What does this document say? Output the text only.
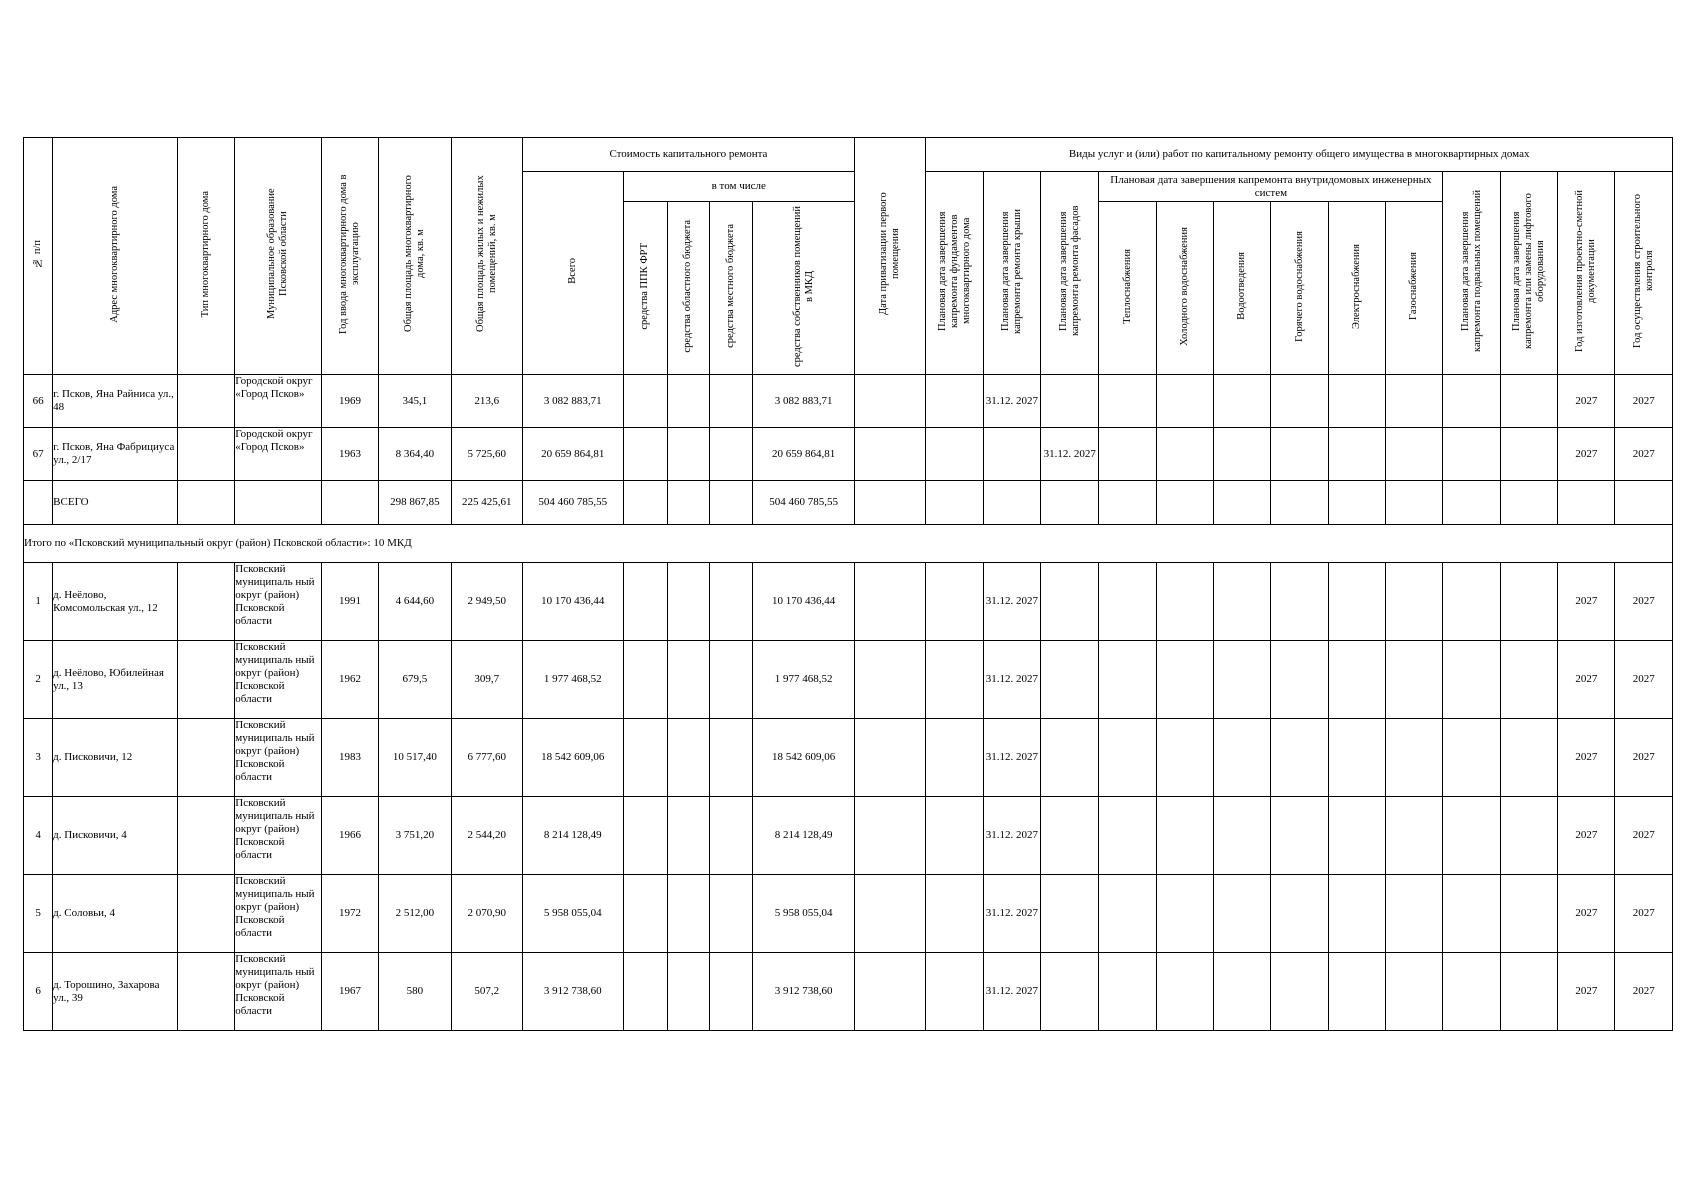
№ п/п	Адрес многоквартирного дома	Тип многоквартирного дома	Муниципальное образование Псковской области	Год ввода многоквартирного дома в эксплуатацию	Общая площадь многоквартирного дома, кв. м	Общая площадь жилых и нежилых помещений, кв. м	Стоимость капитального ремонта					Дата приватизации первого помещения	Виды услуг и (или) работ по капитальному ремонту общего имущества в многоквартирных домах												
							Всего	в том числе					Плановая дата завершения капремонта фундаментов многоквартирного дома	Плановая дата завершения капремонта ремонта крыши	Плановая дата завершения капремонта ремонта фасадов	Плановая дата завершения капремонта внутридомовых инженерных систем						Плановая дата завершения капремонта подвальных помещений	Плановая дата завершения капремонта или замены лифтового оборудования	Год изготовления проектно-сметной документации	Год осуществления строительного контроля
								средства ППК ФРТ	средства областного бюджета	средства местного бюджета	средства собственников помещений в МКД					Теплоснабжения	Холодного водоснабжения	Водоотведения	Горячего водоснабжения	Электроснабжения	Газоснабжения				
66	г. Псков, Яна Райниса ул., 48		Городской округ «Город Псков»	1969	345,1	213,6	3 082 883,71				3 082 883,71			31.12. 2027										2027	2027
67	г. Псков, Яна Фабрициуса ул., 2/17		Городской округ «Город Псков»	1963	8 364,40	5 725,60	20 659 864,81				20 659 864,81				31.12. 2027									2027	2027
	ВСЕГО				298 867,85	225 425,61	504 460 785,55				504 460 785,55														
Итого по «Псковский муниципальный округ (район) Псковской области»: 10 МКД																									
1	д. Неёлово, Комсомольская ул., 12		Псковский муниципаль ный округ (район) Псковской области	1991	4 644,60	2 949,50	10 170 436,44				10 170 436,44			31.12. 2027										2027	2027
2	д. Неёлово, Юбилейная ул., 13		Псковский муниципаль ный округ (район) Псковской области	1962	679,5	309,7	1 977 468,52				1 977 468,52			31.12. 2027										2027	2027
3	д. Писковичи, 12		Псковский муниципаль ный округ (район) Псковской области	1983	10 517,40	6 777,60	18 542 609,06				18 542 609,06			31.12. 2027										2027	2027
4	д. Писковичи, 4		Псковский муниципаль ный округ (район) Псковской области	1966	3 751,20	2 544,20	8 214 128,49				8 214 128,49			31.12. 2027										2027	2027
5	д. Соловьи, 4		Псковский муниципаль ный округ (район) Псковской области	1972	2 512,00	2 070,90	5 958 055,04				5 958 055,04			31.12. 2027										2027	2027
6	д. Торошино, Захарова ул., 39		Псковский муниципаль ный округ (район) Псковской области	1967	580	507,2	3 912 738,60				3 912 738,60			31.12. 2027										2027	2027
